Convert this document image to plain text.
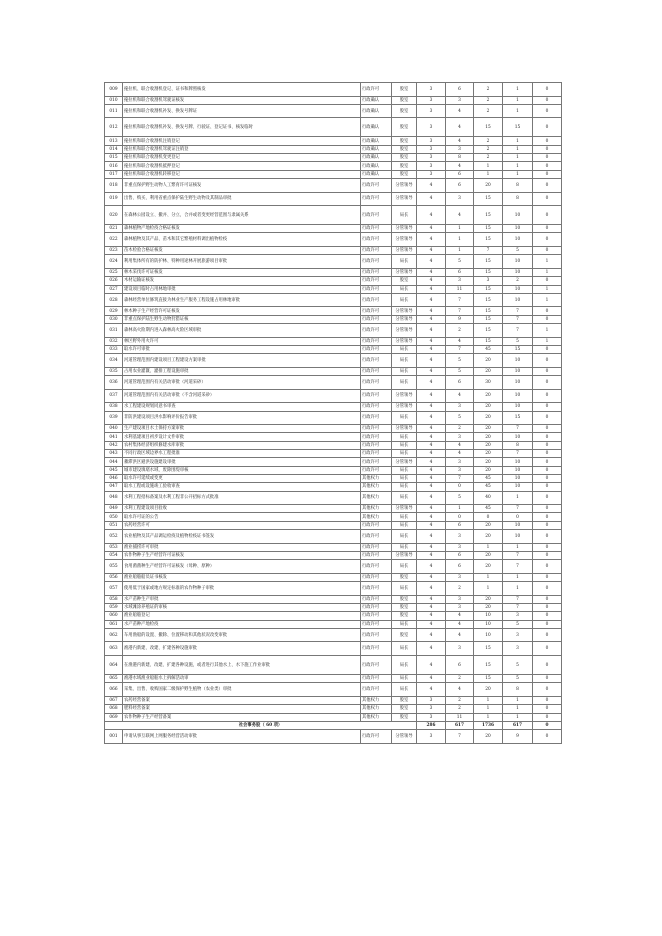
009	拖拉机、联合收割机登记、证书和牌照核发	行政许可	股室	3	6	2	1	0
010	拖拉机和联合收割机驾驶证核发	行政确认	股室	3	3	2	1	0
011	拖拉机和联合收割机补发、换发号牌证	行政确认	股室	3	4	2	1	0
012	拖拉机和联合收割机补发、换发号牌、行驶证、登记证书、核发临时	行政确认	股室	3	4	15	15	0
013	拖拉机和联合收割机注销登记	行政确认	股室	3	4	2	1	0
014	拖拉机和联合收割机驾驶证注销登	行政确认	股室	3	3	2	1	0
015	拖拉机和联合收割机变更登记	行政确认	股室	3	8	2	1	0
016	拖拉机和联合收割机抵押登记	行政确认	股室	3	4	1	1	0
017	拖拉机和联合收割机转移登记	行政确认	股室	3	6	1	1	0
018	非重点保护野生动物人工繁育许可证核发	行政许可	分管领导	4	6	20	8	0
019	出售、购买、利用省重点保护陆生野生动物及其制品审批	行政许可	分管领导	4	3	15	8	0
020	在森林公园设立、撤并、分立，合并或者变更经营范围与隶属关系	行政许可	局长	4	4	15	10	0
021	森林植物产地检疫合格证核发	行政许可	分管领导	4	1	15	10	0
022	森林植物及其产品、苗木和其它繁殖材料调出植物检疫	行政许可	分管领导	4	1	15	10	0
023	苗木检验合格证核发	行政许可	分管领导	4	1	7	5	0
024	利用集体所有的防护林、特种用途林开展旅游项目审批	行政许可	局长	4	5	15	10	1
025	林木采伐许可证核发	行政许可	分管领导	4	6	15	10	1
026	木材运输证核发	行政许可	股室	4	3	3	2	0
027	建设项目临时占用林地审批	行政许可	局长	4	11	15	10	1
028	森林经营单位修筑直接为林业生产服务工程设施占用林地审批	行政许可	局长	4	7	15	10	1
029	林木种子生产经营许可证核发	行政许可	分管领导	4	7	15	7	0
030	非重点保护陆生野生动物狩猎证核	行政许可	分管领导	4	9	15	7	0
031	森林高火险期内进入森林高火险区域审批	行政许可	分管领导	4	2	15	7	1
032	林区野外用火许可	行政许可	分管领导	4	4	15	5	1
033	取水许可审批	行政许可	局长	4	7	45	15	0
034	河道管理范围内建设项目工程建设方案审批	行政许可	局长	4	5	20	10	0
035	占用农业灌溉、灌排工程设施审批	行政许可	局长	4	5	20	10	0
036	河道管理范围内有关活动审批（河道采砂）	行政许可	局长	4	6	30	10	0
037	河道管理范围内有关活动审批（不含河道采砂）	行政许可	分管领导	4	4	20	10	0
038	水工程建设规划同意书审查	行政许可	分管领导	4	3	20	10	0
039	非防洪建设项目洪水影响评价报告审批	行政许可	局长	4	5	20	15	0
040	生产建设项目水土保持方案审批	行政许可	分管领导	4	2	20	7	0
041	水利基建项目初步设计文件审批	行政许可	局长	4	3	20	10	0
042	农村集体经济组织修建水库审批	行政许可	局长	4	4	20	8	0
043	不同行政区域边界水工程批准	行政许可	局长	4	4	20	7	0
044	蓄滞洪区避洪设施建设审批	行政许可	分管领导	4	3	20	10	0
045	城市建设填堵水域、废除围堤审核	行政许可	局长	4	3	20	10	0
046	取水许可延续或变更	其他权力	局长	4	7	45	10	0
047	取水工程或设施竣工验收审查	其他权力	局长	4	0	45	10	0
048	水利工程招标备案及水利工程非公开招标方式批准	其他权力	局长	4	5	40	1	0
049	水利工程建设项目验收	其他权力	分管领导	4	1	45	7	0
050	取水许可证的公告	其他权力	局长	4	0	0	0	0
051	农药经营许可	行政许可	局长	4	6	20	10	0
052	农业植物及其产品调运检疫及植物检疫证书签发	行政许可	局长	4	3	20	10	0
053	渔业捕捞许可审批	行政许可	局长	4	3	1	1	0
054	农作物种子生产经营许可证核发	行政许可	分管领导	4	6	20	7	0
055	食用菌菌种生产经营许可证核发（母种、原种）	行政许可	局长	4	6	20	7	0
056	渔业船舶船员证书核发	行政许可	股室	4	3	1	1	0
057	使用低于国家或地方规定标准的农作物种子审批	行政许可	局长	4	2	1	1	0
058	水产苗种生产审批	行政许可	股室	4	3	20	7	0
059	水域滩涂养殖证的审核	行政许可	股室	4	3	20	7	0
060	渔业船舶登记	行政许可	股室	4	4	10	3	0
061	水产苗种产地检疫	行政许可	局长	4	4	10	5	0
062	车用渔船的设置、撤除、位置移动和其他状况改变审批	行政许可	股室	4	4	10	3	0
063	渔港内新建、改建、扩建各种设施审批	行政许可	局长	4	3	15	3	0
064	在渔港内新建、改建、扩建各种设施，或者进行其他水上、水下施工作业审批	行政许可	局长	4	6	15	5	0
065	渔港水域渔业船舶水上拆解活动审	行政许可	局长	4	2	15	5	0
066	采集、出售、收购国家二级保护野生植物（农业类）审批	行政许可	局长	4	4	20	8	0
067	农药经营备案	其他权力	股室	3	2	1	1	0
068	肥料经营备案	其他权力	股室	3	2	1	1	0
069	农作物种子生产经营备案	其他权力	股室	3	11	1	1	0
社会事务股（ 60 项）				286	617	1736	617	0
001	申请从事互联网上网服务经营活动审批	行政许可	分管领导	3	7	20	9	0
